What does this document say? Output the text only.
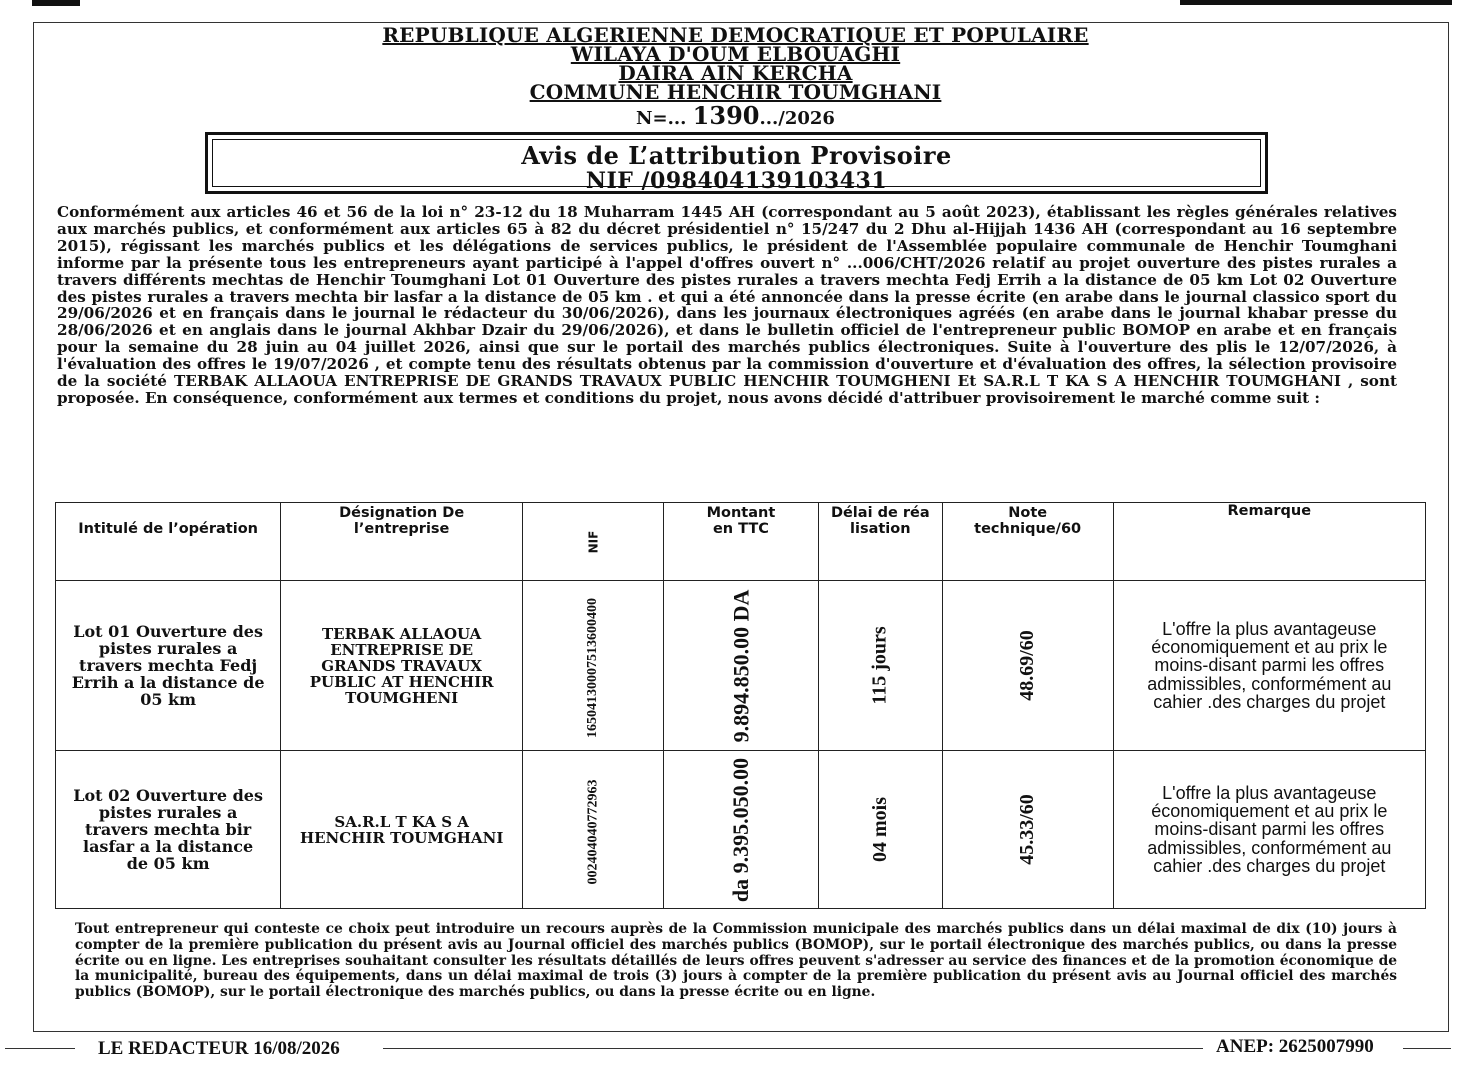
REPUBLIQUE ALGERIENNE DEMOCRATIQUE ET POPULAIRE
WILAYA D'OUM ELBOUAGHI
DAIRA AIN KERCHA
COMMUNE HENCHIR TOUMGHANI
N=... 1390.../2026
Avis de L’attribution Provisoire
NIF /098404139103431
Conformément aux articles 46 et 56 de la loi n° 23-12 du 18 Muharram 1445 AH (correspondant au 5 août 2023), établissant les règles générales relatives aux marchés publics, et conformément aux articles 65 à 82 du décret présidentiel n° 15/247 du 2 Dhu al-Hijjah 1436 AH (correspondant au 16 septembre 2015), régissant les marchés publics et les délégations de services publics, le président de l'Assemblée populaire communale de Henchir Toumghani informe par la présente tous les entrepreneurs ayant participé à l'appel d'offres ouvert n° ...006/CHT/2026 relatif au projet ouverture des pistes rurales a travers différents mechtas de Henchir Toumghani Lot 01 Ouverture des pistes rurales a travers mechta Fedj Errih a la distance de 05 km Lot 02 Ouverture des pistes rurales a travers mechta bir lasfar a la distance de 05 km . et qui a été annoncée dans la presse écrite (en arabe dans le journal classico sport du 29/06/2026 et en français dans le journal le rédacteur du 30/06/2026), dans les journaux électroniques agréés (en arabe dans le journal khabar presse du 28/06/2026 et en anglais dans le journal Akhbar Dzair du 29/06/2026), et dans le bulletin officiel de l'entrepreneur public BOMOP en arabe et en français pour la semaine du 28 juin au 04 juillet 2026, ainsi que sur le portail des marchés publics électroniques. Suite à l'ouverture des plis le 12/07/2026, à l'évaluation des offres le 19/07/2026 , et compte tenu des résultats obtenus par la commission d'ouverture et d'évaluation des offres, la sélection provisoire de la société TERBAK ALLAOUA ENTREPRISE DE GRANDS TRAVAUX PUBLIC HENCHIR TOUMGHENI Et SA.R.L T KA S A HENCHIR TOUMGHANI , sont proposée. En conséquence, conformément aux termes et conditions du projet, nous avons décidé d'attribuer provisoirement le marché comme suit :
Intitulé de l’opération	Désignation De l’entreprise	NIF	Montant en TTC	Délai de réalisation	Note technique/60	Remarque

Lot 01 Ouverture des pistes rurales a travers mechta Fedj Errih a la distance de 05 km	TERBAK ALLAOUA ENTREPRISE DE GRANDS TRAVAUX PUBLIC AT HENCHIR TOUMGHENI	165041300075136004​00	9.894.850.00 DA	115 jours	48.69/60	L'offre la plus avantageuse économiquement et au prix le moins-disant parmi les offres admissibles, conformément au cahier .des charges du projet
Lot 02 Ouverture des pistes rurales a travers mechta bir lasfar a la distance de 05 km	SA.R.L T KA S A HENCHIR TOUMGHANI	002404040772963	da 9.395.050.00	04 mois	45.33/60	L'offre la plus avantageuse économiquement et au prix le moins-disant parmi les offres admissibles, conformément au cahier .des charges du projet
Tout entrepreneur qui conteste ce choix peut introduire un recours auprès de la Commission municipale des marchés publics dans un délai maximal de dix (10) jours à compter de la première publication du présent avis au Journal officiel des marchés publics (BOMOP), sur le portail électronique des marchés publics, ou dans la presse écrite ou en ligne. Les entreprises souhaitant consulter les résultats détaillés de leurs offres peuvent s'adresser au service des finances et de la promotion économique de la municipalité, bureau des équipements, dans un délai maximal de trois (3) jours à compter de la première publication du présent avis au Journal officiel des marchés publics (BOMOP), sur le portail électronique des marchés publics, ou dans la presse écrite ou en ligne.
LE REDACTEUR 16/08/2026	ANEP: 2625007990
